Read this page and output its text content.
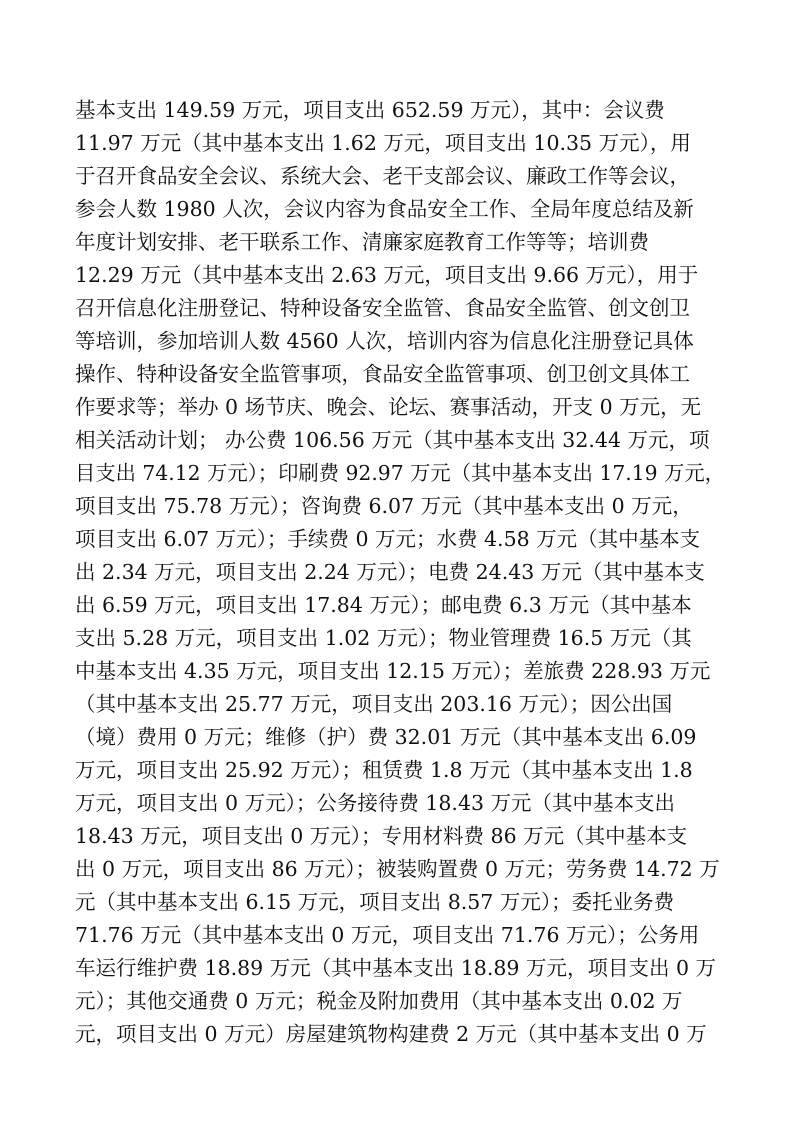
基本支出 149.59 万元，项目支出 652.59 万元），其中：会议费
11.97 万元（其中基本支出 1.62 万元，项目支出 10.35 万元），用
于召开食品安全会议、系统大会、老干支部会议、廉政工作等会议，
参会人数 1980 人次，会议内容为食品安全工作、全局年度总结及新
年度计划安排、老干联系工作、清廉家庭教育工作等等；培训费
12.29 万元（其中基本支出 2.63 万元，项目支出 9.66 万元），用于
召开信息化注册登记、特种设备安全监管、食品安全监管、创文创卫
等培训，参加培训人数 4560 人次，培训内容为信息化注册登记具体
操作、特种设备安全监管事项，食品安全监管事项、创卫创文具体工
作要求等；举办 0 场节庆、晚会、论坛、赛事活动，开支 0 万元，无
相关活动计划； 办公费 106.56 万元（其中基本支出 32.44 万元，项
目支出 74.12 万元）；印刷费 92.97 万元（其中基本支出 17.19 万元，
项目支出 75.78 万元）；咨询费 6.07 万元（其中基本支出 0 万元，
项目支出 6.07 万元）；手续费 0 万元；水费 4.58 万元（其中基本支
出 2.34 万元，项目支出 2.24 万元）；电费 24.43 万元（其中基本支
出 6.59 万元，项目支出 17.84 万元）；邮电费 6.3 万元（其中基本
支出 5.28 万元，项目支出 1.02 万元）；物业管理费 16.5 万元（其
中基本支出 4.35 万元，项目支出 12.15 万元）；差旅费 228.93 万元
（其中基本支出 25.77 万元，项目支出 203.16 万元）；因公出国
（境）费用 0 万元；维修（护）费 32.01 万元（其中基本支出 6.09
万元，项目支出 25.92 万元）；租赁费 1.8 万元（其中基本支出 1.8
万元，项目支出 0 万元）；公务接待费 18.43 万元（其中基本支出
18.43 万元，项目支出 0 万元）；专用材料费 86 万元（其中基本支
出 0 万元，项目支出 86 万元）；被装购置费 0 万元；劳务费 14.72 万
元（其中基本支出 6.15 万元，项目支出 8.57 万元）；委托业务费
71.76 万元（其中基本支出 0 万元，项目支出 71.76 万元）；公务用
车运行维护费 18.89 万元（其中基本支出 18.89 万元，项目支出 0 万
元）；其他交通费 0 万元；税金及附加费用（其中基本支出 0.02 万
元，项目支出 0 万元）房屋建筑物构建费 2 万元（其中基本支出 0 万
